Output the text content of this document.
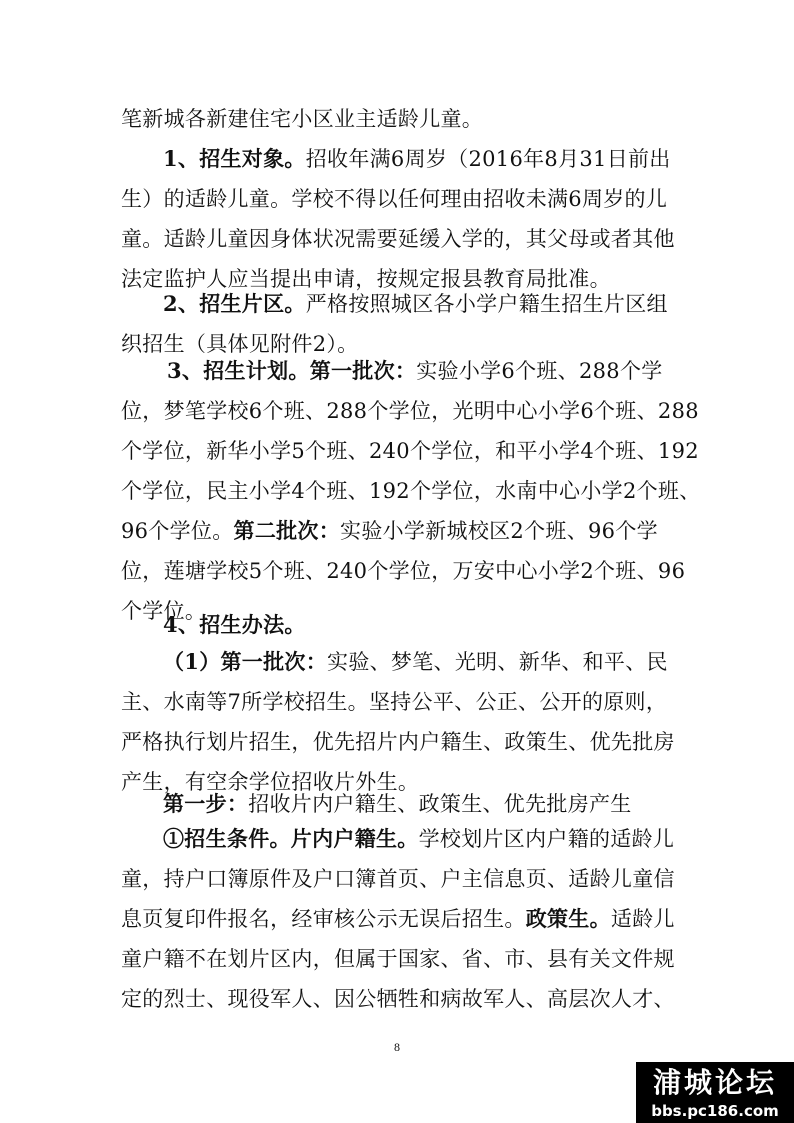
笔新城各新建住宅小区业主适龄儿童。

1、招生对象。招收年满6周岁（2016年8月31日前出
生）的适龄儿童。学校不得以任何理由招收未满6周岁的儿
童。适龄儿童因身体状况需要延缓入学的，其父母或者其他
法定监护人应当提出申请，按规定报县教育局批准。

2、招生片区。严格按照城区各小学户籍生招生片区组
织招生（具体见附件2）。

3、招生计划。第一批次：实验小学6个班、288个学
位，梦笔学校6个班、288个学位，光明中心小学6个班、288
个学位，新华小学5个班、240个学位，和平小学4个班、192
个学位，民主小学4个班、192个学位，水南中心小学2个班、
96个学位。第二批次：实验小学新城校区2个班、96个学
位，莲塘学校5个班、240个学位，万安中心小学2个班、96
个学位。

4、招生办法。

（1）第一批次：实验、梦笔、光明、新华、和平、民
主、水南等7所学校招生。坚持公平、公正、公开的原则，
严格执行划片招生，优先招片内户籍生、政策生、优先批房
产生，有空余学位招收片外生。

第一步：招收片内户籍生、政策生、优先批房产生

①招生条件。片内户籍生。学校划片区内户籍的适龄儿
童，持户口簿原件及户口簿首页、户主信息页、适龄儿童信
息页复印件报名，经审核公示无误后招生。政策生。适龄儿
童户籍不在划片区内，但属于国家、省、市、县有关文件规
定的烈士、现役军人、因公牺牲和病故军人、高层次人才、

8
浦城论坛
bbs.pc186.com
